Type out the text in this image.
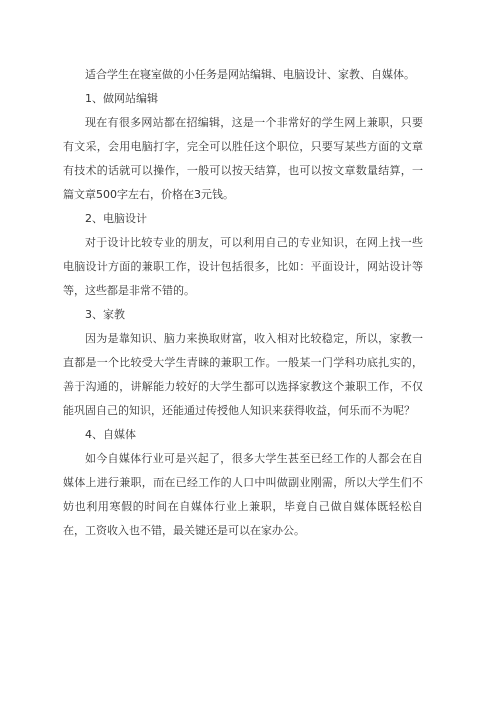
适合学生在寝室做的小任务是网站编辑、电脑设计、家教、自媒体。

1、做网站编辑

现在有很多网站都在招编辑，这是一个非常好的学生网上兼职，只要有文采，会用电脑打字，完全可以胜任这个职位，只要写某些方面的文章有技术的话就可以操作，一般可以按天结算，也可以按文章数量结算，一篇文章500字左右，价格在3元钱。

2、电脑设计

对于设计比较专业的朋友，可以利用自己的专业知识，在网上找一些电脑设计方面的兼职工作，设计包括很多，比如：平面设计，网站设计等等，这些都是非常不错的。

3、家教

因为是靠知识、脑力来换取财富，收入相对比较稳定，所以，家教一直都是一个比较受大学生青睐的兼职工作。一般某一门学科功底扎实的，善于沟通的，讲解能力较好的大学生都可以选择家教这个兼职工作，不仅能巩固自己的知识，还能通过传授他人知识来获得收益，何乐而不为呢？

4、自媒体

如今自媒体行业可是兴起了，很多大学生甚至已经工作的人都会在自媒体上进行兼职，而在已经工作的人口中叫做副业刚需，所以大学生们不妨也利用寒假的时间在自媒体行业上兼职，毕竟自己做自媒体既轻松自在，工资收入也不错，最关键还是可以在家办公。
